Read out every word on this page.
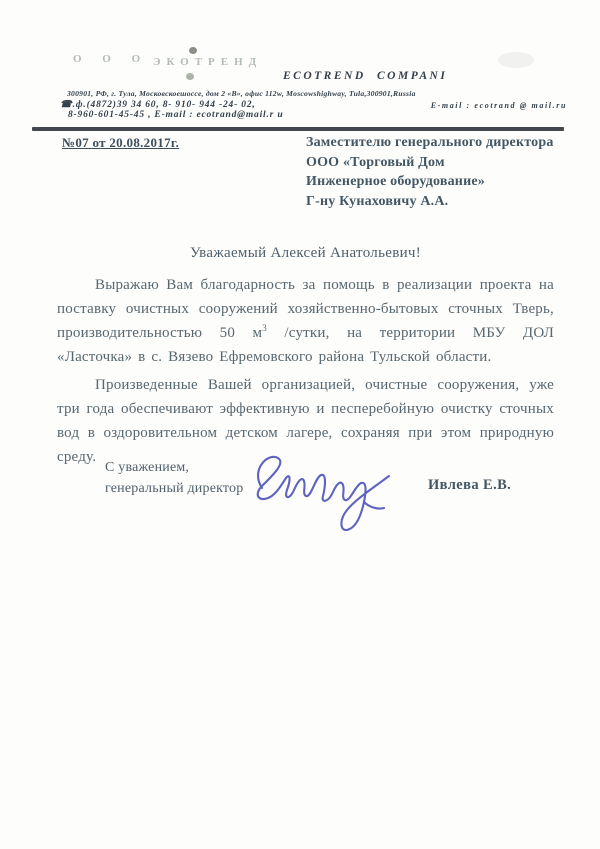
О О О ЭКОТРЕНД
ECOTREND COMPANI
300901, РФ, г. Тула, Московскоешоссе, дом 2 «В», офис 112w, Moscowshighway, Tula,300901,Russia
☎.ф.(4872)39 34 60, 8- 910- 944 -24- 02,	E-mail : ecotrand @ mail.ru
8-960-601-45-45 , E-mail : ecotrand@mail.r u
№07 от 20.08.2017г.	Заместителю генерального директора
ООО «Торговый Дом
Инженерное оборудование»
Г-ну Кунаховичу А.А.
Уважаемый Алексей Анатольевич!

Выражаю Вам благодарность за помощь в реализации проекта на поставку очистных сооружений хозяйственно-бытовых сточных Тверь, производительностью 50 $м^3$ /сутки, на территории МБУ ДОЛ «Ласточка» в с. Вязево Ефремовского района Тульской области.

Произведенные Вашей организацией, очистные сооружения, уже три года обеспечивают эффективную и песперебойную очистку сточных вод в оздоровительном детском лагере, сохраняя при этом природную среду.

С уважением,
генеральный директор	Ивлева Е.В.
